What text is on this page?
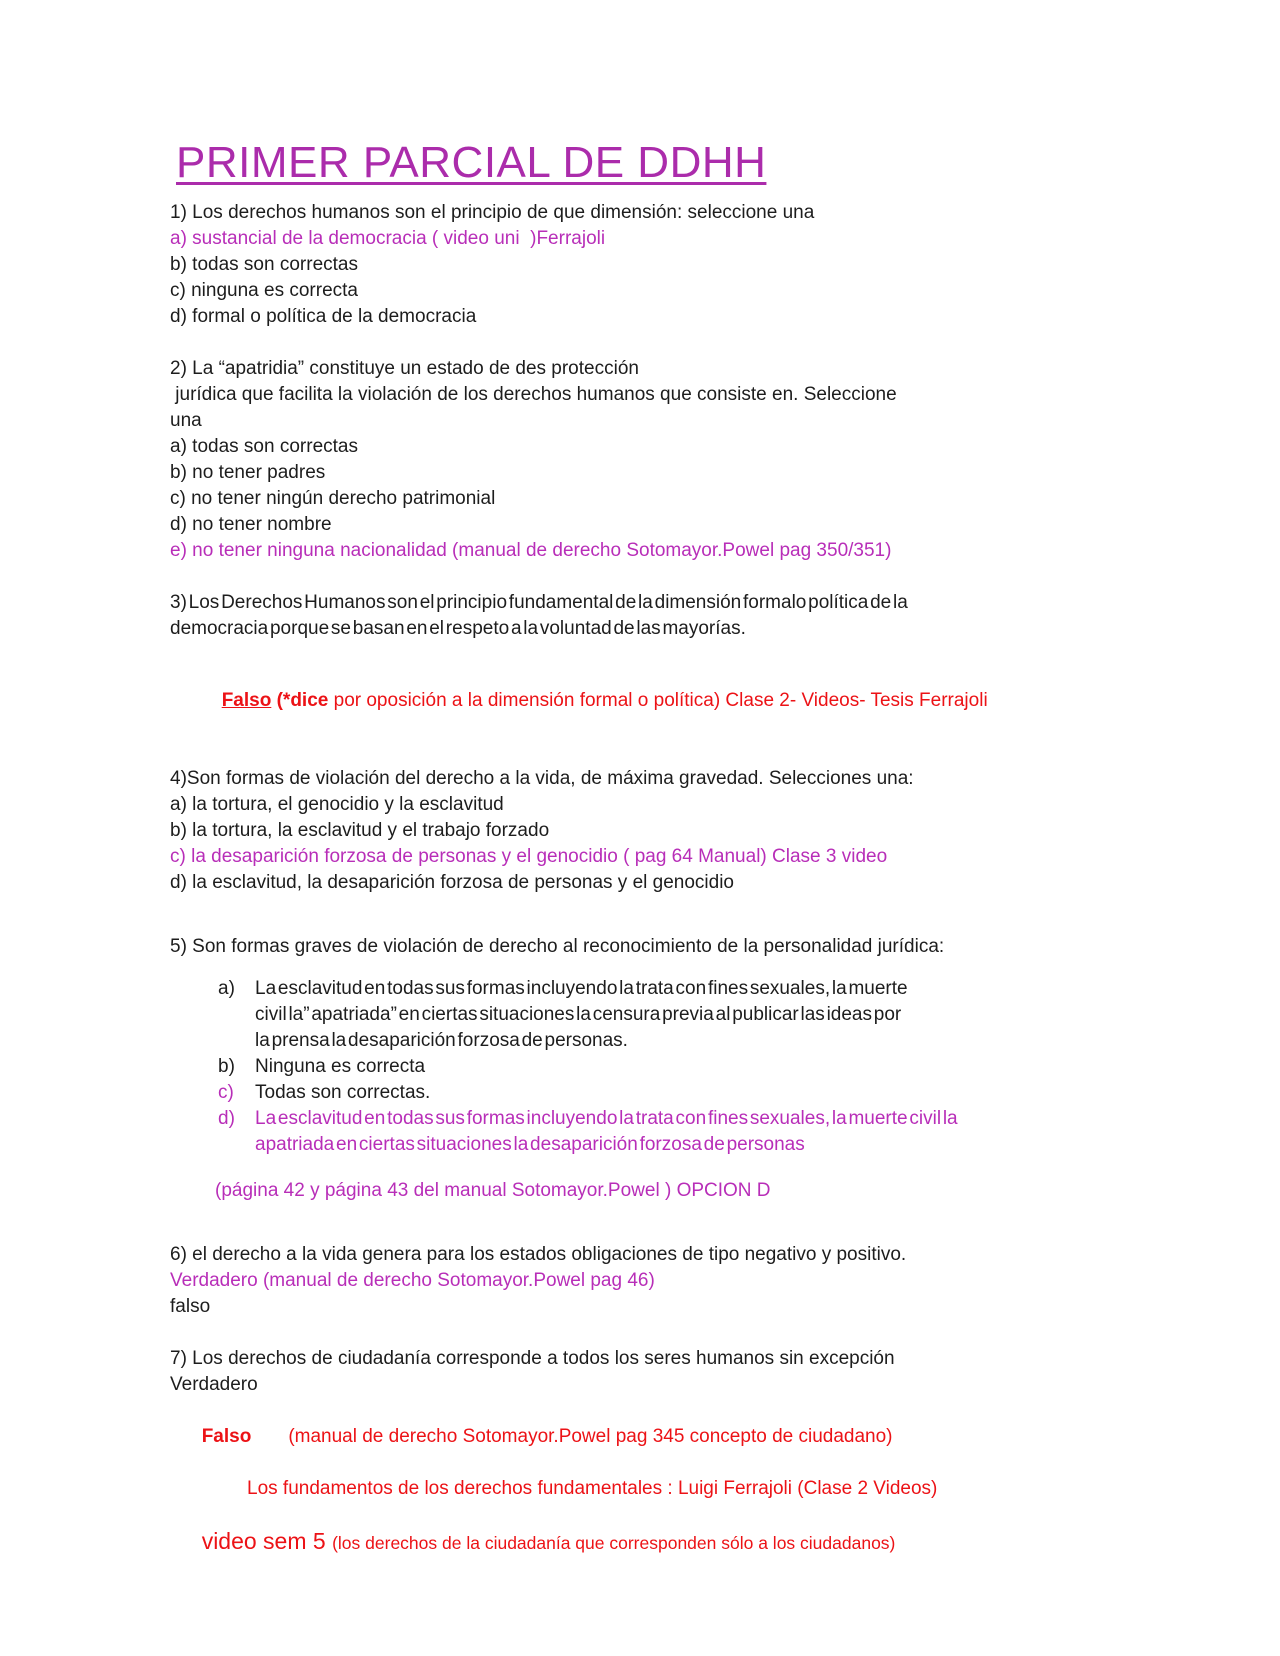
PRIMER PARCIAL DE DDHH
1) Los derechos humanos son el principio de que dimensión: seleccione una
a) sustancial de la democracia ( video uni  )Ferrajoli
b) todas son correctas
c) ninguna es correcta
d) formal o política de la democracia
2) La “apatridia” constituye un estado de des protección
jurídica que facilita la violación de los derechos humanos que consiste en. Seleccione
una
a) todas son correctas
b) no tener padres
c) no tener ningún derecho patrimonial
d) no tener nombre
e) no tener ninguna nacionalidad (manual de derecho Sotomayor.Powel pag 350/351)
3) Los Derechos Humanos son el principio fundamental de la dimensión formalo política de la
democracia porque se basan en el respeto a la voluntad de las mayorías.

Falso (*dice por oposición a la dimensión formal o política) Clase 2- Videos- Tesis Ferrajoli

4)Son formas de violación del derecho a la vida, de máxima gravedad. Selecciones una:
a) la tortura, el genocidio y la esclavitud
b) la tortura, la esclavitud y el trabajo forzado
c) la desaparición forzosa de personas y el genocidio ( pag 64 Manual) Clase 3 video
d) la esclavitud, la desaparición forzosa de personas y el genocidio
5) Son formas graves de violación de derecho al reconocimiento de la personalidad jurídica:
a)	La esclavitud en todas sus formas incluyendo la trata con fines sexuales, la muerte
civil la” apatriada” en ciertas situaciones la censura previa al publicar las ideas por
la prensa la desaparición forzosa de personas.
b)	Ninguna es correcta
c)	Todas son correctas.
d)	La esclavitud en todas sus formas incluyendo la trata con fines sexuales, la muerte civil la
apatriada en ciertas situaciones la desaparición forzosa de personas
(página 42 y página 43 del manual Sotomayor.Powel ) OPCION D
6) el derecho a la vida genera para los estados obligaciones de tipo negativo y positivo.
Verdadero (manual de derecho Sotomayor.Powel pag 46)
falso
7) Los derechos de ciudadanía corresponde a todos los seres humanos sin excepción
Verdadero

Falso (manual de derecho Sotomayor.Powel pag 345 concepto de ciudadano)

Los fundamentos de los derechos fundamentales : Luigi Ferrajoli (Clase 2 Videos)

video sem 5 (los derechos de la ciudadanía que corresponden sólo a los ciudadanos)
